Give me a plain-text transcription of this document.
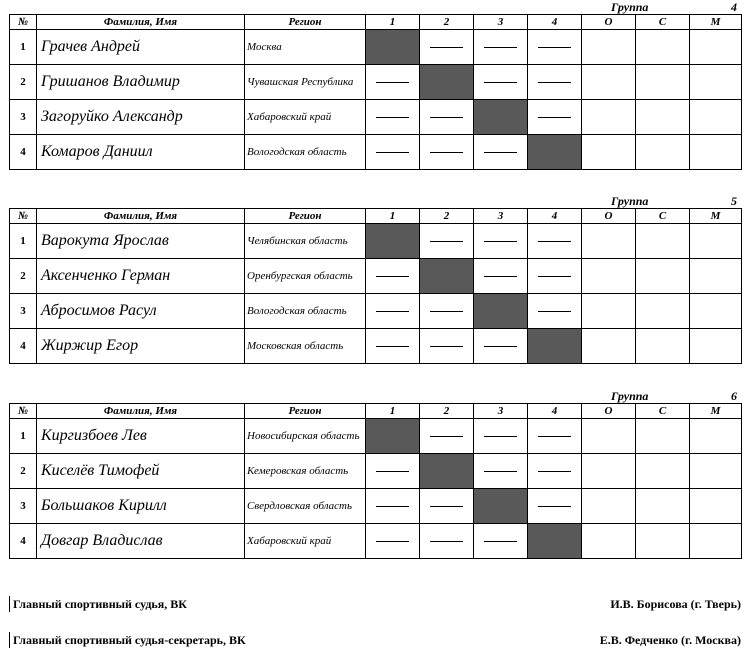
Группа	4
№	Фамилия, Имя	Регион	1	2	3	4	О	С	М
1	Грачев Андрей	Москва		

2	Гришанов Владимир	Чувашская Республика	

3	Загоруйко Александр	Хабаровский край	

4	Комаров Даниил	Вологодская область	

Группа	5
№	Фамилия, Имя	Регион	1	2	3	4	О	С	М
1	Варокута Ярослав	Челябинская область		

2	Аксенченко Герман	Оренбургская область	

3	Абросимов Расул	Вологодская область	

4	Жиржир Егор	Московская область	

Группа	6
№	Фамилия, Имя	Регион	1	2	3	4	О	С	М
1	Киргизбоев Лев	Новосибирская область		

2	Киселёв Тимофей	Кемеровская область	

3	Большаков Кирилл	Свердловская область	

4	Довгар Владислав	Хабаровский край	

Главный спортивный судья, ВК	И.В. Борисова (г. Тверь)
Главный спортивный судья-секретарь, ВК	Е.В. Федченко (г. Москва)
